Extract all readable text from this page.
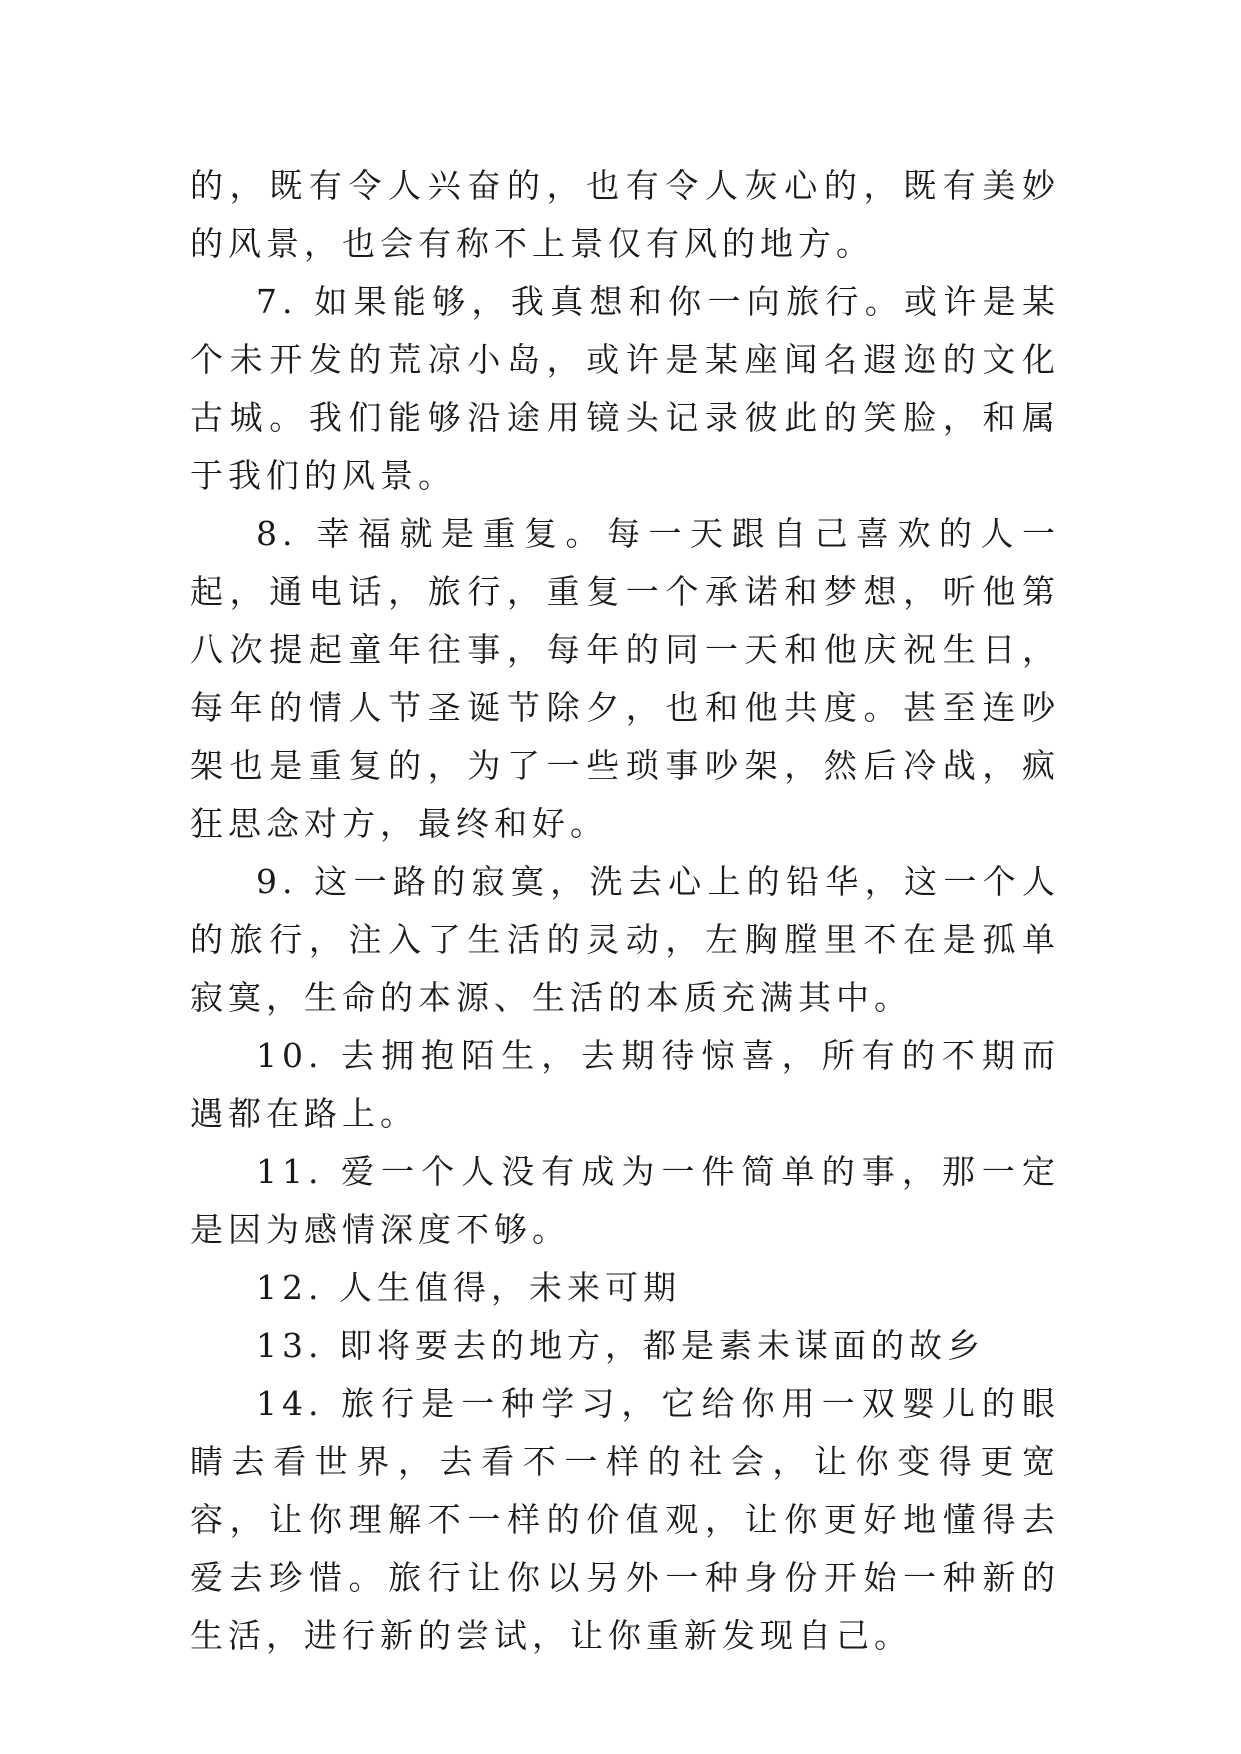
的，既有令人兴奋的，也有令人灰心的，既有美妙的风景，也会有称不上景仅有风的地方。

7. 如果能够，我真想和你一向旅行。或许是某个未开发的荒凉小岛，或许是某座闻名遐迩的文化古城。我们能够沿途用镜头记录彼此的笑脸，和属于我们的风景。

8. 幸福就是重复。每一天跟自己喜欢的人一起，通电话，旅行，重复一个承诺和梦想，听他第八次提起童年往事，每年的同一天和他庆祝生日，每年的情人节圣诞节除夕，也和他共度。甚至连吵架也是重复的，为了一些琐事吵架，然后冷战，疯狂思念对方，最终和好。

9. 这一路的寂寞，洗去心上的铅华，这一个人的旅行，注入了生活的灵动，左胸膛里不在是孤单寂寞，生命的本源、生活的本质充满其中。

10. 去拥抱陌生，去期待惊喜，所有的不期而遇都在路上。

11. 爱一个人没有成为一件简单的事，那一定是因为感情深度不够。

12. 人生值得，未来可期

13. 即将要去的地方，都是素未谋面的故乡

14. 旅行是一种学习，它给你用一双婴儿的眼睛去看世界，去看不一样的社会，让你变得更宽容，让你理解不一样的价值观，让你更好地懂得去爱去珍惜。旅行让你以另外一种身份开始一种新的生活，进行新的尝试，让你重新发现自己。
